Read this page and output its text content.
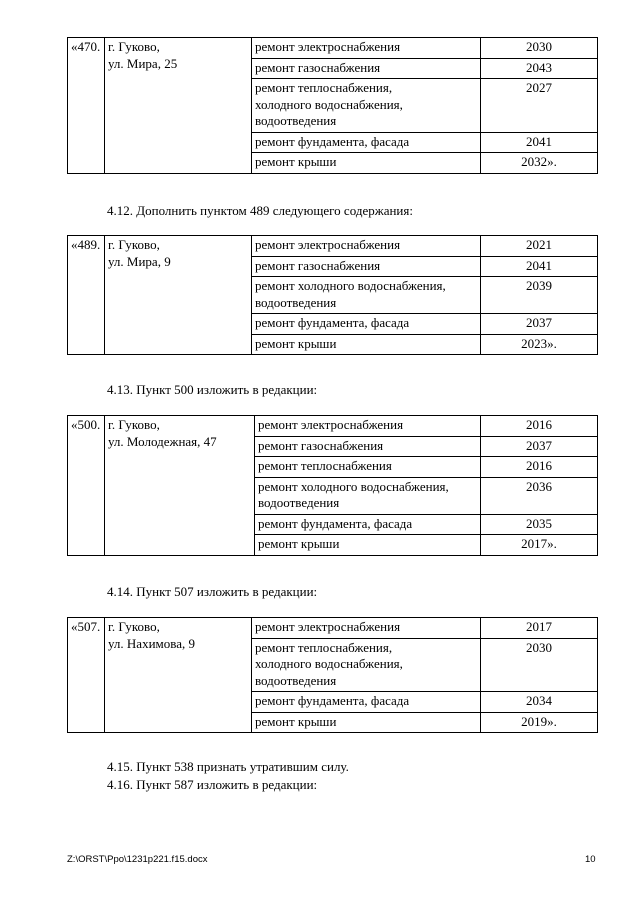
«470.	г. Гуково,
ул. Мира, 25	ремонт электроснабжения	2030

		ремонт газоснабжения	2043

		ремонт теплоснабжения,
холодного водоснабжения,
водоотведения	2027

		ремонт фундамента, фасада	2041

		ремонт крыши	2032».
4.12. Дополнить пунктом 489 следующего содержания:
«489.	г. Гуково,
ул. Мира, 9	ремонт электроснабжения	2021

		ремонт газоснабжения	2041

		ремонт холодного водоснабжения,
водоотведения	2039

		ремонт фундамента, фасада	2037

		ремонт крыши	2023».
4.13. Пункт 500 изложить в редакции:
«500.	г. Гуково,
ул. Молодежная, 47	ремонт электроснабжения	2016

		ремонт газоснабжения	2037

		ремонт теплоснабжения	2016

		ремонт холодного водоснабжения,
водоотведения	2036

		ремонт фундамента, фасада	2035

		ремонт крыши	2017».
4.14. Пункт 507 изложить в редакции:
«507.	г. Гуково,
ул. Нахимова, 9	ремонт электроснабжения	2017

		ремонт теплоснабжения,
холодного водоснабжения,
водоотведения	2030

		ремонт фундамента, фасада	2034

		ремонт крыши	2019».
4.15. Пункт 538 признать утратившим силу.
4.16. Пункт 587 изложить в редакции:
Z:\ORST\Ppo\1231p221.f15.docx	10
